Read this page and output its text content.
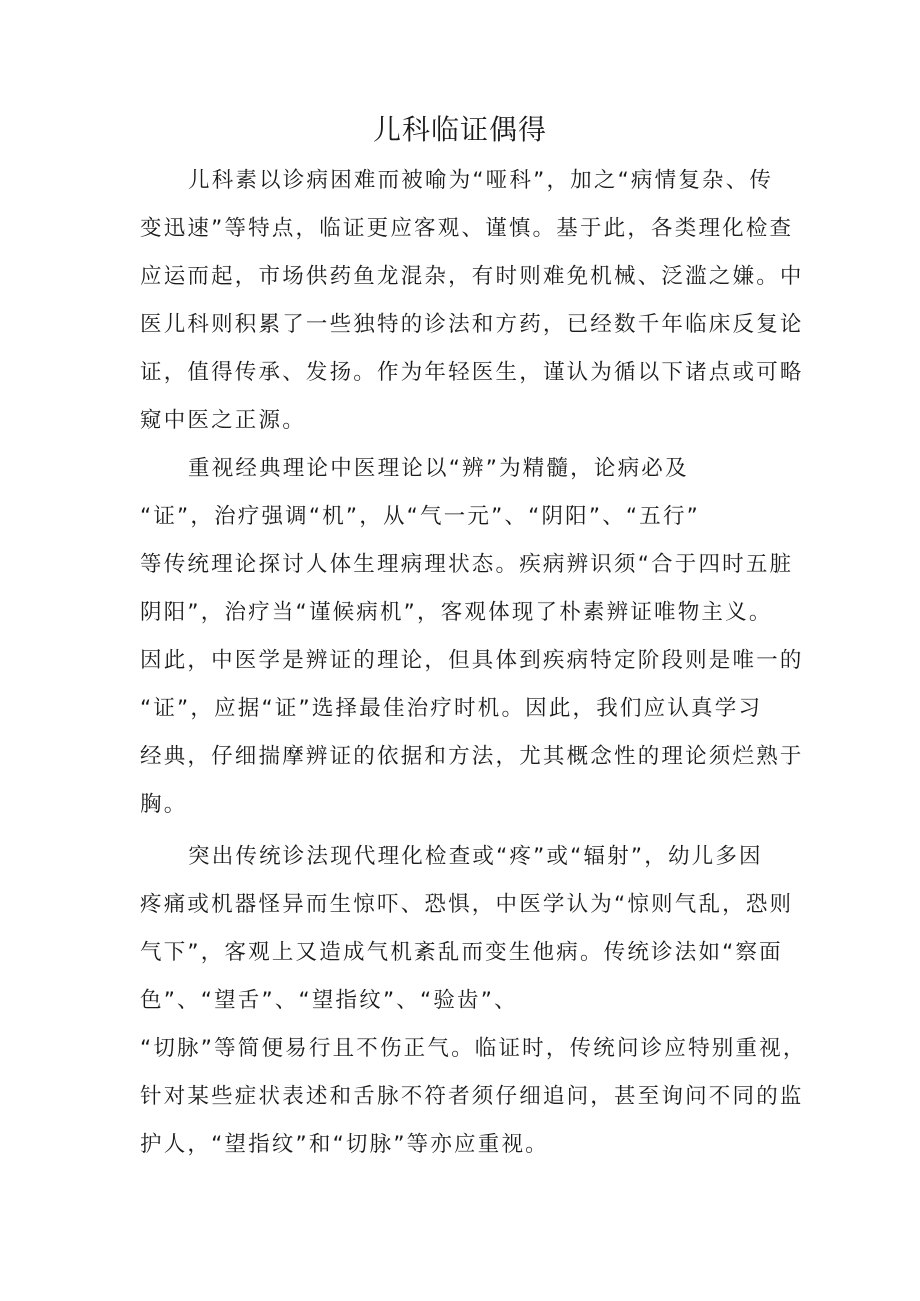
儿科临证偶得

儿科素以诊病困难而被喻为“哑科”，加之“病情复杂、传

变迅速”等特点，临证更应客观、谨慎。基于此，各类理化检查

应运而起，市场供药鱼龙混杂，有时则难免机械、泛滥之嫌。中

医儿科则积累了一些独特的诊法和方药，已经数千年临床反复论

证，值得传承、发扬。作为年轻医生，谨认为循以下诸点或可略

窥中医之正源。

重视经典理论中医理论以“辨”为精髓，论病必及

“证”，治疗强调“机”，从“气一元”、“阴阳”、“五行”

等传统理论探讨人体生理病理状态。疾病辨识须“合于四时五脏

阴阳”，治疗当“谨候病机”，客观体现了朴素辨证唯物主义。

因此，中医学是辨证的理论，但具体到疾病特定阶段则是唯一的

“证”，应据“证”选择最佳治疗时机。因此，我们应认真学习

经典，仔细揣摩辨证的依据和方法，尤其概念性的理论须烂熟于

胸。

突出传统诊法现代理化检查或“疼”或“辐射”，幼儿多因

疼痛或机器怪异而生惊吓、恐惧，中医学认为“惊则气乱，恐则

气下”，客观上又造成气机紊乱而变生他病。传统诊法如“察面

色”、“望舌”、“望指纹”、“验齿”、

“切脉”等简便易行且不伤正气。临证时，传统问诊应特别重视，

针对某些症状表述和舌脉不符者须仔细追问，甚至询问不同的监

护人，“望指纹”和“切脉”等亦应重视。
